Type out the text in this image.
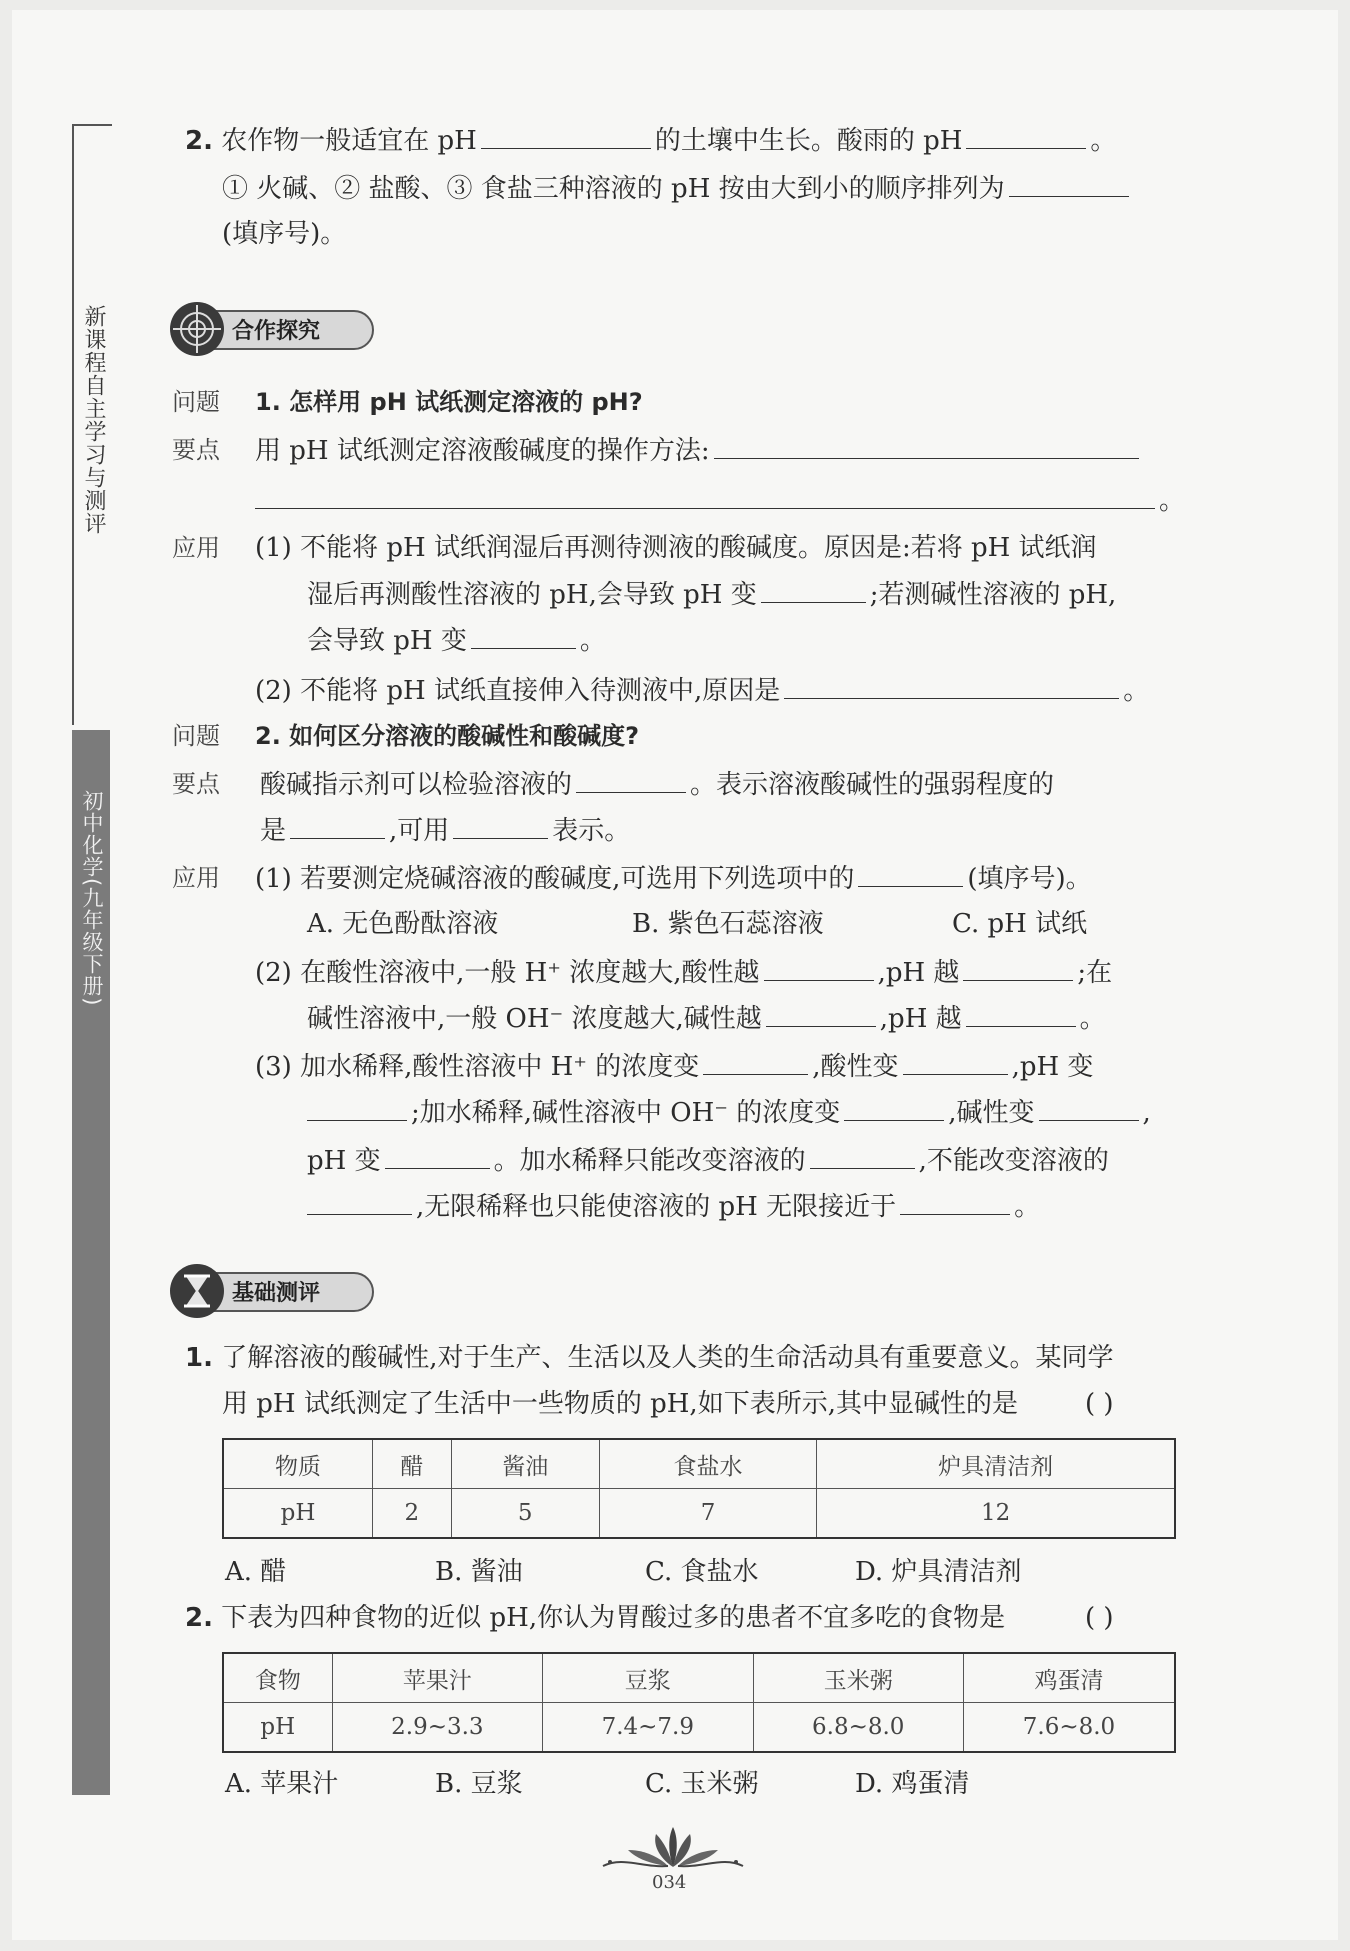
新课程自主学习与测评
初中化学(九年级下册)
2. 农作物一般适宜在 pH	的土壤中生长。酸雨的 pH	。
① 火碱、② 盐酸、③ 食盐三种溶液的 pH 按由大到小的顺序排列为
(填序号)。
合作探究
问题 1. 怎样用 pH 试纸测定溶液的 pH?
要点 用 pH 试纸测定溶液酸碱度的操作方法:
。
应用 (1) 不能将 pH 试纸润湿后再测待测液的酸碱度。原因是:若将 pH 试纸润
湿后再测酸性溶液的 pH,会导致 pH 变	;若测碱性溶液的 pH,
会导致 pH 变	。
(2) 不能将 pH 试纸直接伸入待测液中,原因是	。
问题 2. 如何区分溶液的酸碱性和酸碱度?
要点 酸碱指示剂可以检验溶液的	。表示溶液酸碱性的强弱程度的
是	,可用	表示。
应用 (1) 若要测定烧碱溶液的酸碱度,可选用下列选项中的	(填序号)。
A. 无色酚酞溶液	B. 紫色石蕊溶液	C. pH 试纸
(2) 在酸性溶液中,一般 H⁺ 浓度越大,酸性越	,pH 越	;在
碱性溶液中,一般 OH⁻ 浓度越大,碱性越	,pH 越	。
(3) 加水稀释,酸性溶液中 H⁺ 的浓度变	,酸性变	,pH 变
;加水稀释,碱性溶液中 OH⁻ 的浓度变	,碱性变	,
pH 变	。加水稀释只能改变溶液的	,不能改变溶液的
,无限稀释也只能使溶液的 pH 无限接近于	。
基础测评
1. 了解溶液的酸碱性,对于生产、生活以及人类的生命活动具有重要意义。某同学
用 pH 试纸测定了生活中一些物质的 pH,如下表所示,其中显碱性的是	( )
物质	醋	酱油	食盐水	炉具清洁剂
pH	2	5	7	12
A. 醋	B. 酱油	C. 食盐水	D. 炉具清洁剂
2. 下表为四种食物的近似 pH,你认为胃酸过多的患者不宜多吃的食物是	( )
食物	苹果汁	豆浆	玉米粥	鸡蛋清
pH	2.9~3.3	7.4~7.9	6.8~8.0	7.6~8.0
A. 苹果汁	B. 豆浆	C. 玉米粥	D. 鸡蛋清
034
